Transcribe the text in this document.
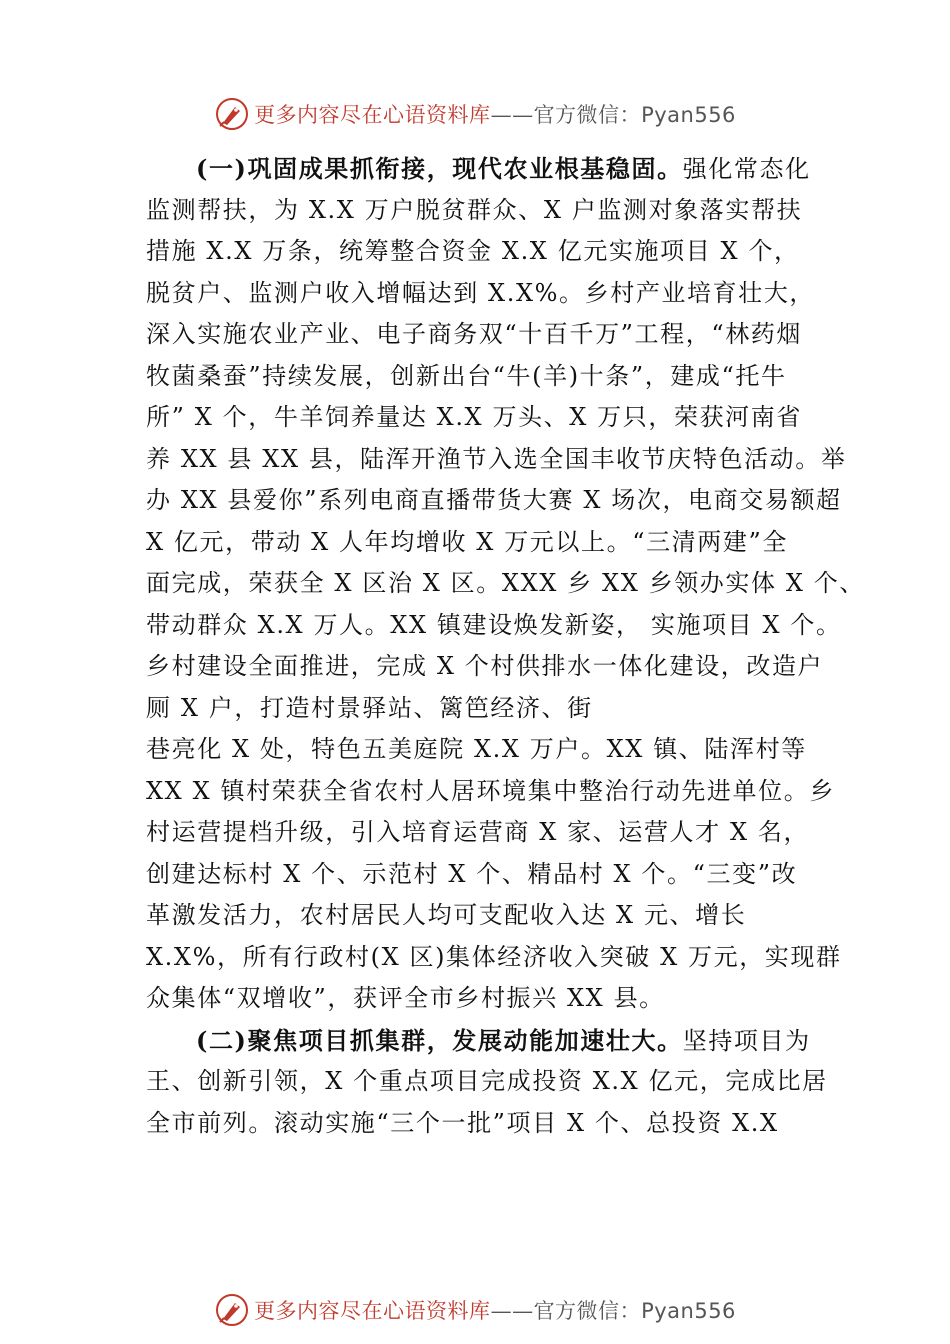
更多内容尽在心语资料库——官方微信：Pyan556
(一)巩固成果抓衔接，现代农业根基稳固。强化常态化
监测帮扶，为 X.X 万户脱贫群众、X 户监测对象落实帮扶
措施 X.X 万条，统筹整合资金 X.X 亿元实施项目 X 个，
脱贫户、监测户收入增幅达到 X.X%。乡村产业培育壮大，
深入实施农业产业、电子商务双“十百千万”工程，“林药烟
牧菌桑蚕”持续发展，创新出台“牛(羊)十条”，建成“托牛
所” X 个，牛羊饲养量达 X.X 万头、X 万只，荣获河南省
养 XX 县 XX 县，陆浑开渔节入选全国丰收节庆特色活动。举
办 XX 县爱你”系列电商直播带货大赛 X 场次，电商交易额超
X 亿元，带动 X 人年均增收 X 万元以上。“三清两建”全
面完成，荣获全 X 区治 X 区。XXX 乡 XX 乡领办实体 X 个、
带动群众 X.X 万人。XX 镇建设焕发新姿， 实施项目 X 个。
乡村建设全面推进，完成 X 个村供排水一体化建设，改造户
厕 X 户，打造村景驿站、篱笆经济、街
巷亮化 X 处，特色五美庭院 X.X 万户。XX 镇、陆浑村等
XX X 镇村荣获全省农村人居环境集中整治行动先进单位。乡
村运营提档升级，引入培育运营商 X 家、运营人才 X 名，
创建达标村 X 个、示范村 X 个、精品村 X 个。“三变”改
革激发活力，农村居民人均可支配收入达 X 元、增长
X.X%，所有行政村(X 区)集体经济收入突破 X 万元，实现群
众集体“双增收”，获评全市乡村振兴 XX 县。
(二)聚焦项目抓集群，发展动能加速壮大。坚持项目为
王、创新引领，X 个重点项目完成投资 X.X 亿元，完成比居
全市前列。滚动实施“三个一批”项目 X 个、总投资 X.X
更多内容尽在心语资料库——官方微信：Pyan556
